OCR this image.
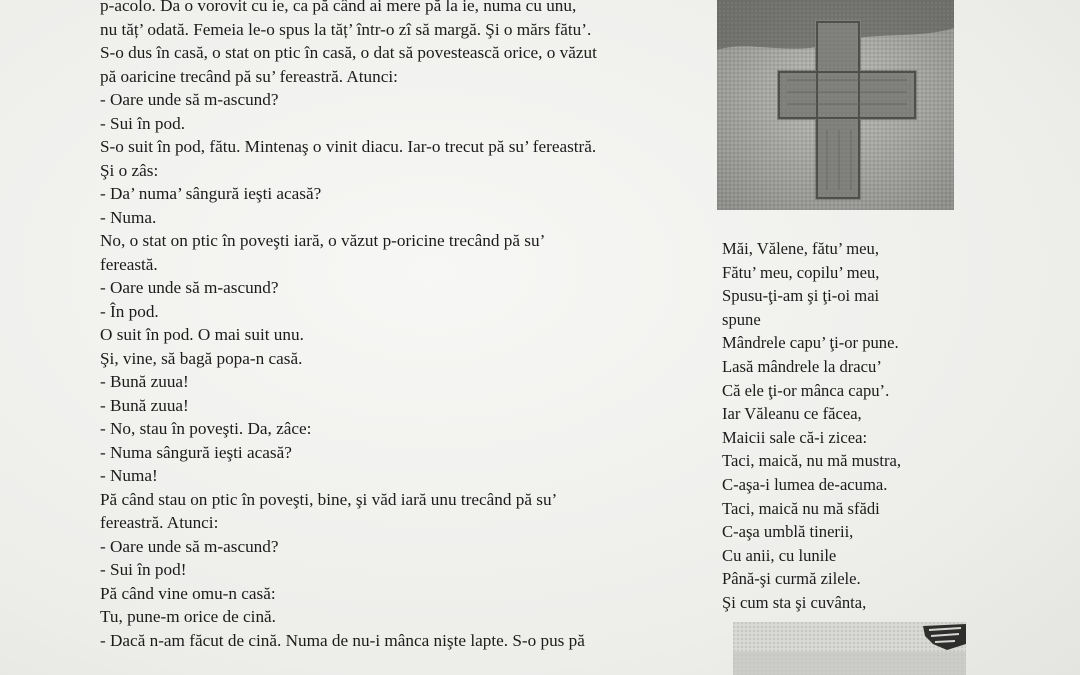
p-acolo. Da o vorovit cu ie, ca pă când ai mere pă la ie, numa cu unu,
nu tăț’ odată. Femeia le-o spus la tăț’ într-o zî să margă. Şi o mărs fătu’.
S-o dus în casă, o stat on ptic în casă, o dat să povestească orice, o văzut
pă oaricine trecând pă su’ fereastră. Atunci:
- Oare unde să m-ascund?
- Sui în pod.
S-o suit în pod, fătu. Mintenaş o vinit diacu. Iar-o trecut pă su’ fereastră.
Şi o zâs:
- Da’ numa’ sângură ieşti acasă?
- Numa.
No, o stat on ptic în poveşti iară, o văzut p-oricine trecând pă su’
fereastă.
- Oare unde să m-ascund?
- În pod.
O suit în pod. O mai suit unu.
Şi, vine, să bagă popa-n casă.
- Bună zuua!
- Bună zuua!
- No, stau în poveşti. Da, zâce:
- Numa sângură ieşti acasă?
- Numa!
Pă când stau on ptic în poveşti, bine, şi văd iară unu trecând pă su’
fereastră. Atunci:
- Oare unde să m-ascund?
- Sui în pod!
Pă când vine omu-n casă:
Tu, pune-m orice de cină.
- Dacă n-am făcut de cină. Numa de nu-i mânca nişte lapte. S-o pus pă
Măi, Vălene, fătu’ meu,
Fătu’ meu, copilu’ meu,
Spusu-ţi-am şi ţi-oi mai
spune
Mândrele capu’ ţi-or pune.
Lasă mândrele la dracu’
Că ele ţi-or mânca capu’.
Iar Văleanu ce făcea,
Maicii sale că-i zicea:
Taci, maică, nu mă mustra,
C-aşa-i lumea de-acuma.
Taci, maică nu mă sfădi
C-aşa umblă tinerii,
Cu anii, cu lunile
Până-şi curmă zilele.
Şi cum sta şi cuvânta,
